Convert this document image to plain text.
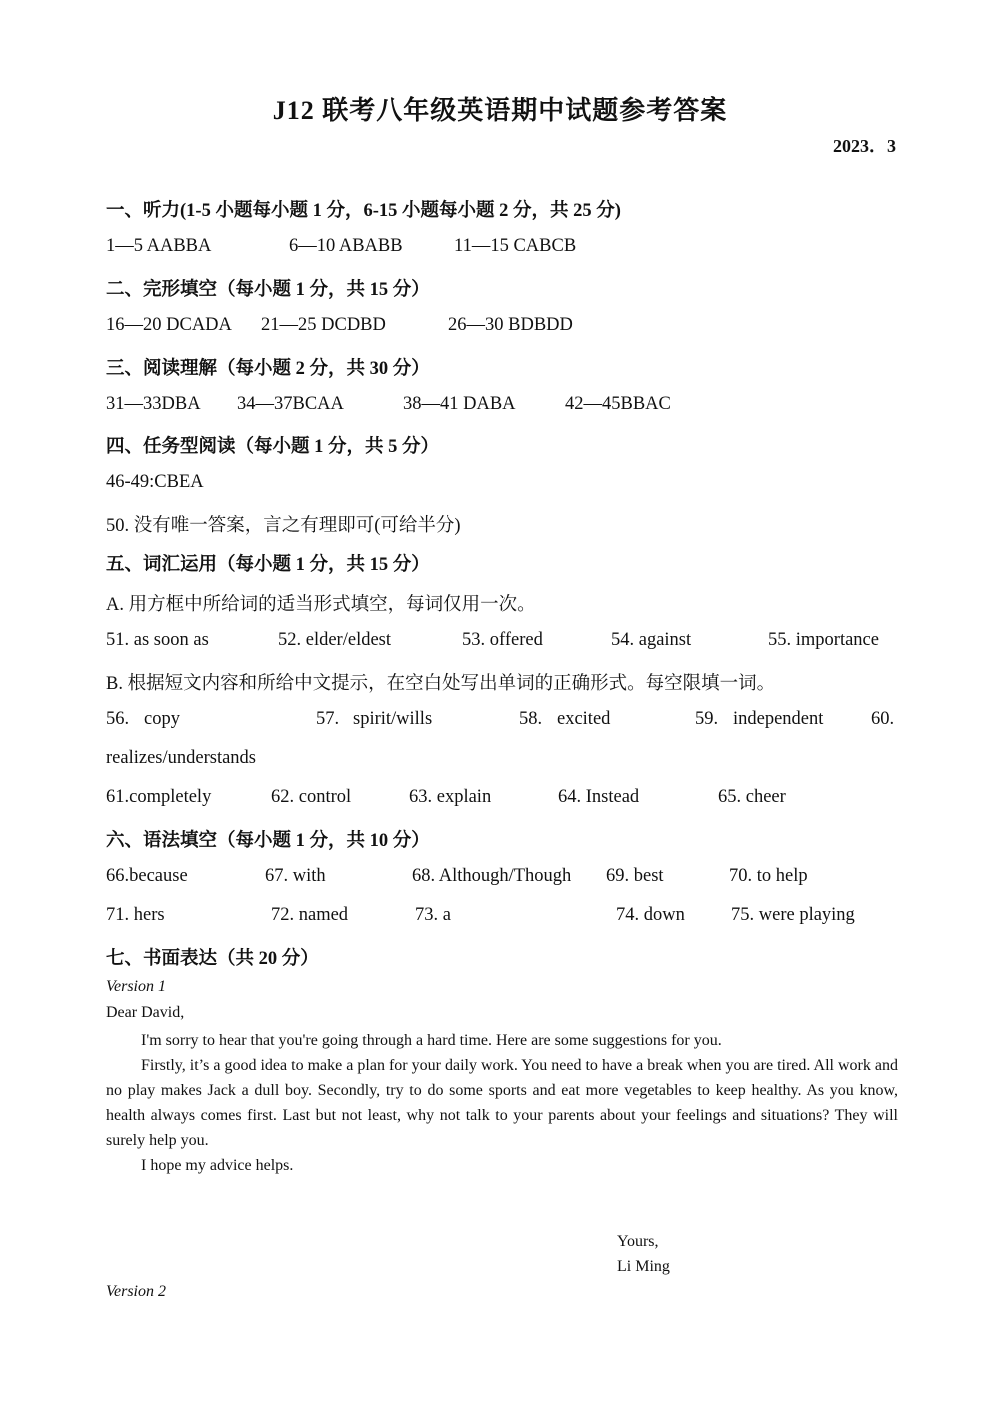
J12 联考八年级英语期中试题参考答案
2023．3
一、听力(1-5 小题每小题 1 分，6-15 小题每小题 2 分，共 25 分)
1—5 AABBA	6—10 ABABB	11—15 CABCB
二、完形填空（每小题 1 分，共 15 分）
16—20 DCADA 21—25 DCDBD	26—30 BDBDD
三、阅读理解（每小题 2 分，共 30 分）
31—33DBA 34—37BCAA	38—41 DABA	42—45BBAC
四、任务型阅读（每小题 1 分，共 5 分）
46-49:CBEA
50. 没有唯一答案，言之有理即可(可给半分)
五、词汇运用（每小题 1 分，共 15 分）
A. 用方框中所给词的适当形式填空，每词仅用一次。
51. as soon as	52. elder/eldest	53. offered	54. against	55. importance
B. 根据短文内容和所给中文提示，在空白处写出单词的正确形式。每空限填一词。
56. copy	57. spirit/wills	58. excited	59. independent	60.
realizes/understands
61.completely	62. control	63. explain	64. Instead	65. cheer
六、语法填空（每小题 1 分，共 10 分）
66.because	67. with	68. Although/Though 69. best	70. to help
71. hers	72. named	73. a	74. down 75. were playing
七、书面表达（共 20 分）
Version 1
Dear David,

I'm sorry to hear that you're going through a hard time. Here are some suggestions for you.

Firstly, it’s a good idea to make a plan for your daily work. You need to have a break when you are tired. All work and no play makes Jack a dull boy. Secondly, try to do some sports and eat more vegetables to keep healthy. As you know, health always comes first. Last but not least, why not talk to your parents about your feelings and situations? They will surely help you.

I hope my advice helps.

Yours,
Li Ming
Version 2
